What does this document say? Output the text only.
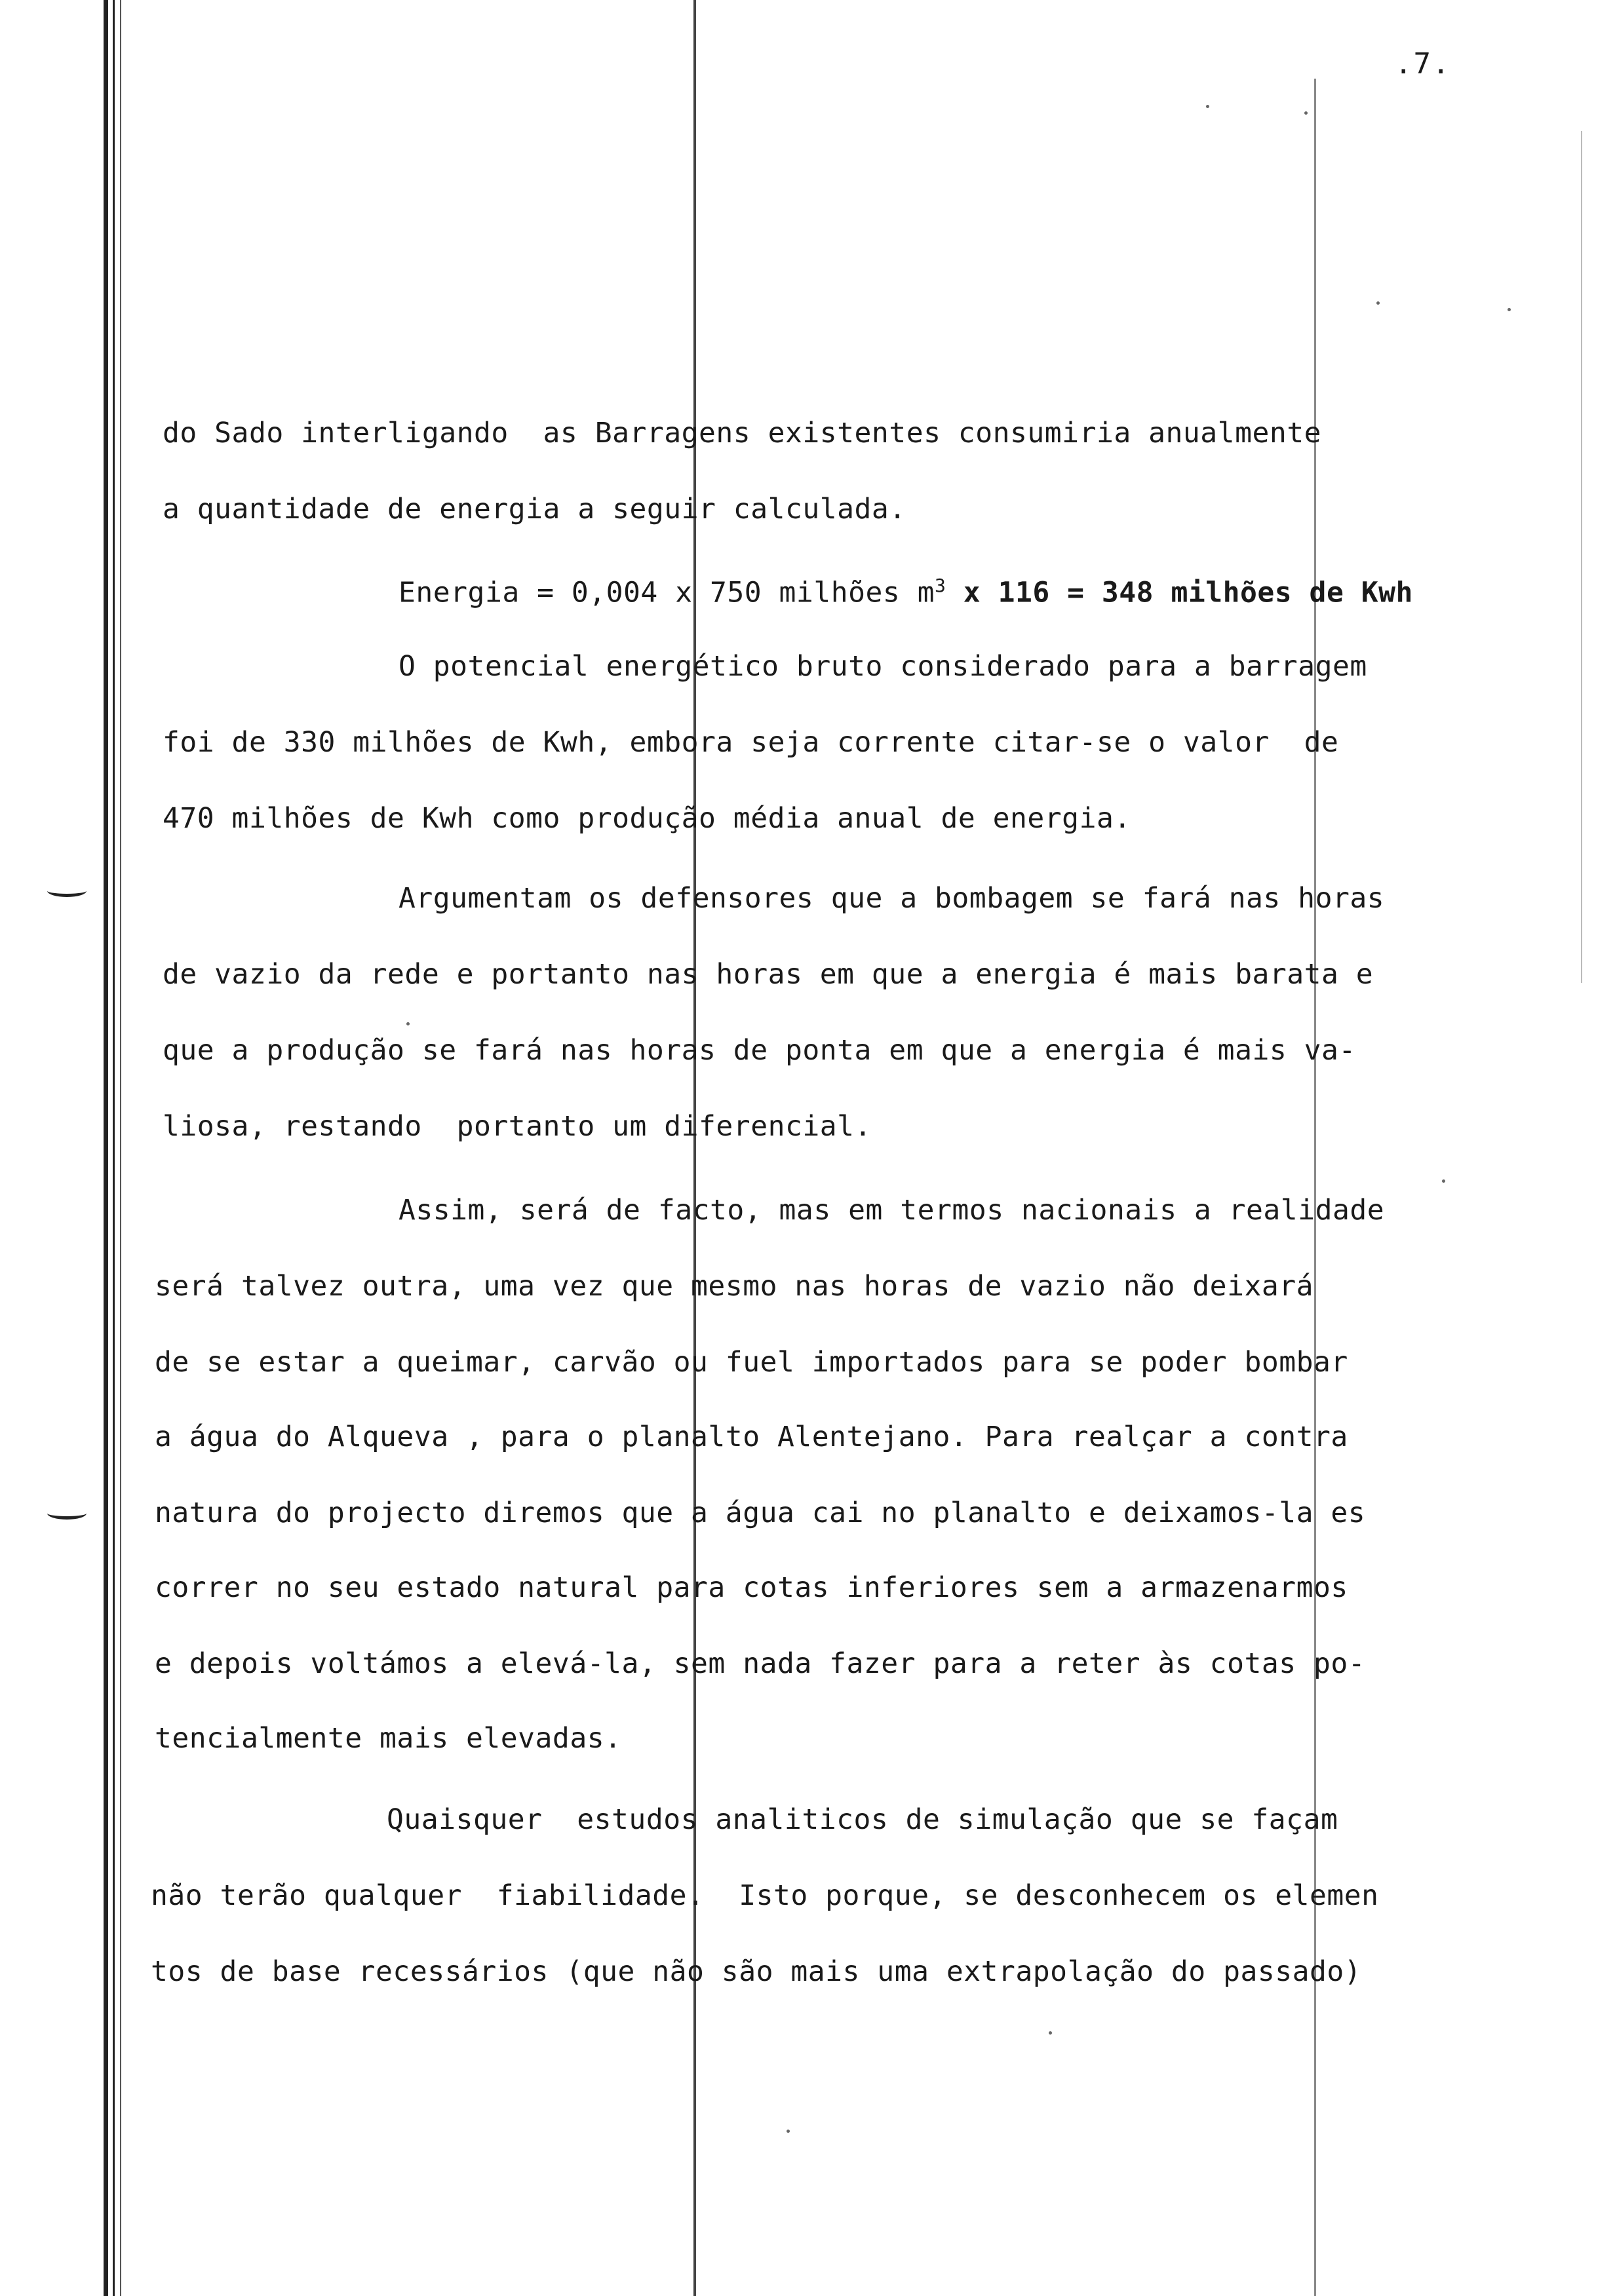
.7.
do Sado interligando  as Barragens existentes consumiria anualmente
a quantidade de energia a seguir calculada.
Energia = 0,004 x 750 milhões $m^3$ x 116 = 348 milhões de Kwh
O potencial energético bruto considerado para a barragem
foi de 330 milhões de Kwh, embora seja corrente citar-se o valor  de
470 milhões de Kwh como produção média anual de energia.
Argumentam os defensores que a bombagem se fará nas horas
de vazio da rede e portanto nas horas em que a energia é mais barata e
que a produção se fará nas horas de ponta em que a energia é mais va-
liosa, restando  portanto um diferencial.
Assim, será de facto, mas em termos nacionais a realidade
será talvez outra, uma vez que mesmo nas horas de vazio não deixará
de se estar a queimar, carvão ou fuel importados para se poder bombar
a água do Alqueva , para o planalto Alentejano. Para realçar a contra
natura do projecto diremos que a água cai no planalto e deixamos-la es
correr no seu estado natural para cotas inferiores sem a armazenarmos
e depois voltámos a elevá-la, sem nada fazer para a reter às cotas po-
tencialmente mais elevadas.
Quaisquer  estudos analiticos de simulação que se façam
não terão qualquer  fiabilidade.  Isto porque, se desconhecem os elemen
tos de base recessários (que não são mais uma extrapolação do passado)
